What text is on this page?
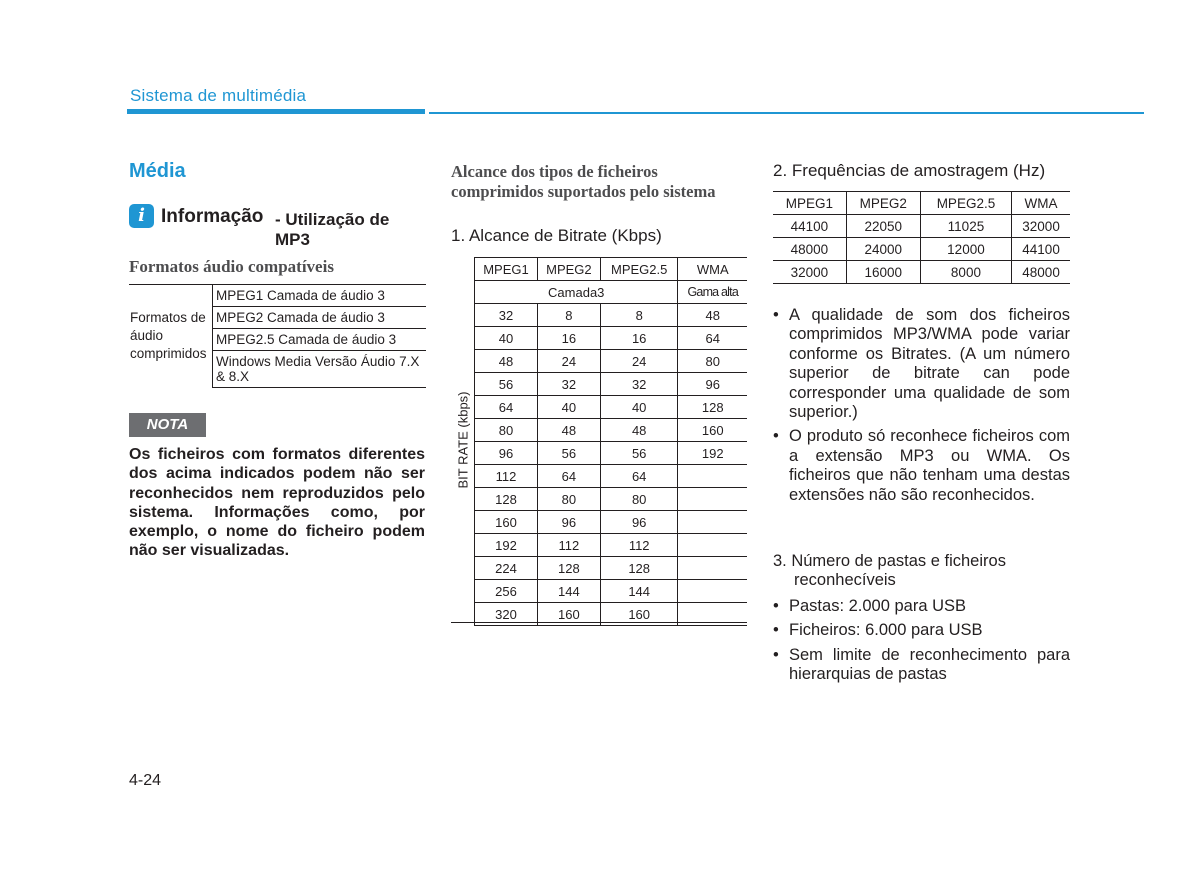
Sistema de multimédia
Média
i Informação - Utilização de MP3
Formatos áudio compatíveis
Formatos de áudio comprimidos	MPEG1 Camada de áudio 3
MPEG2 Camada de áudio 3
MPEG2.5 Camada de áudio 3
Windows Media Versão Áudio 7.X & 8.X
NOTA
Os ficheiros com formatos diferentes dos acima indicados podem não ser reconhecidos nem reproduzidos pelo sistema. Informações como, por exemplo, o nome do ficheiro podem não ser visualizadas.
Alcance dos tipos de ficheiros comprimidos suportados pelo sistema
1. Alcance de Bitrate (Kbps)
BIT RATE (kbps)
MPEG1	MPEG2	MPEG2.5	WMA
Camada3			Gama alta
32	8	8	48
40	16	16	64
48	24	24	80
56	32	32	96
64	40	40	128
80	48	48	160
96	56	56	192
112	64	64	
128	80	80	
160	96	96	
192	112	112	
224	128	128	
256	144	144	
320	160	160	
2. Frequências de amostragem (Hz)
MPEG1	MPEG2	MPEG2.5	WMA
44100	22050	11025	32000
48000	24000	12000	44100
32000	16000	8000	48000
• A qualidade de som dos ficheiros comprimidos MP3/WMA pode variar conforme os Bitrates. (A um número superior de bitrate can pode corresponder uma qualidade de som superior.)
• O produto só reconhece ficheiros com a extensão MP3 ou WMA. Os ficheiros que não tenham uma destas extensões não são reconhecidos.
3. Número de pastas e ficheiros
reconhecíveis
• Pastas: 2.000 para USB
• Ficheiros: 6.000 para USB
• Sem limite de reconhecimento para hierarquias de pastas
4-24
